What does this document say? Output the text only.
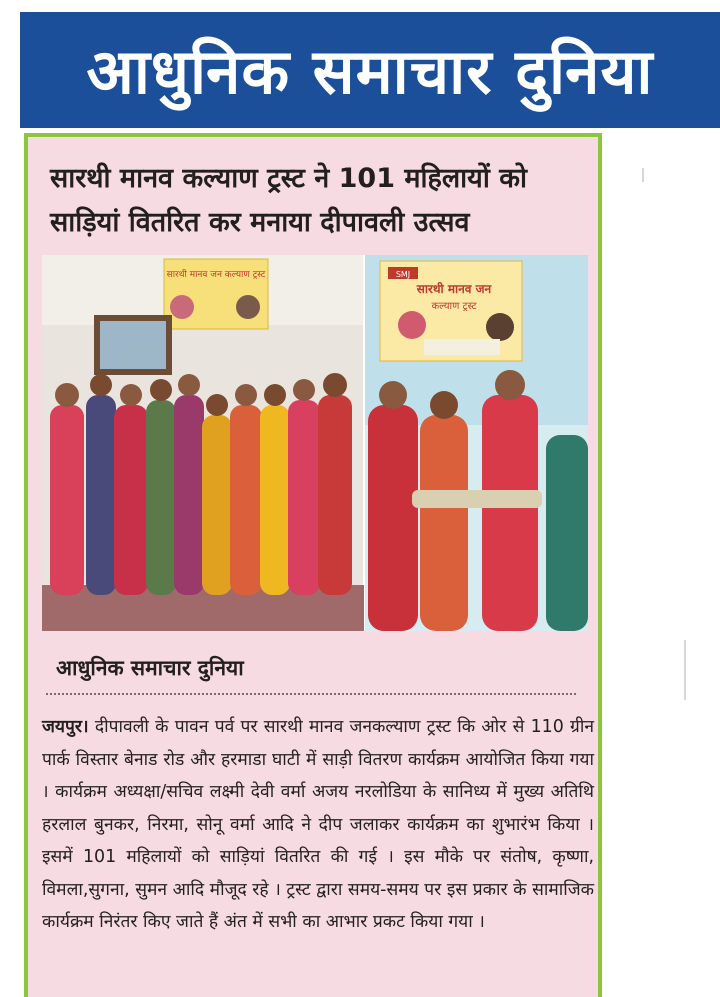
आधुनिक समाचार दुनिया
सारथी मानव कल्याण ट्रस्ट ने 101 महिलायों को
साड़ियां वितरित कर मनाया दीपावली उत्सव
सारथी मानव जन कल्याण ट्रस्ट	SMJ
सारथी मानव जन
कल्याण ट्रस्ट
आधुनिक समाचार दुनिया
जयपुर। दीपावली के पावन पर्व पर सारथी मानव जनकल्याण ट्रस्ट कि ओर से 110 ग्रीन पार्क विस्तार बेनाड रोड और हरमाडा घाटी में साड़ी वितरण कार्यक्रम आयोजित किया गया । कार्यक्रम अध्यक्षा/सचिव लक्ष्मी देवी वर्मा अजय नरलोडिया के सानिध्य में मुख्य अतिथि हरलाल बुनकर, निरमा, सोनू वर्मा आदि ने दीप जलाकर कार्यक्रम का शुभारंभ किया । इसमें 101 महिलायों को साड़ियां वितरित की गई । इस मौके पर संतोष, कृष्णा, विमला,सुगना, सुमन आदि मौजूद रहे । ट्रस्ट द्वारा समय-समय पर इस प्रकार के सामाजिक कार्यक्रम निरंतर किए जाते हैं अंत में सभी का आभार प्रकट किया गया ।
